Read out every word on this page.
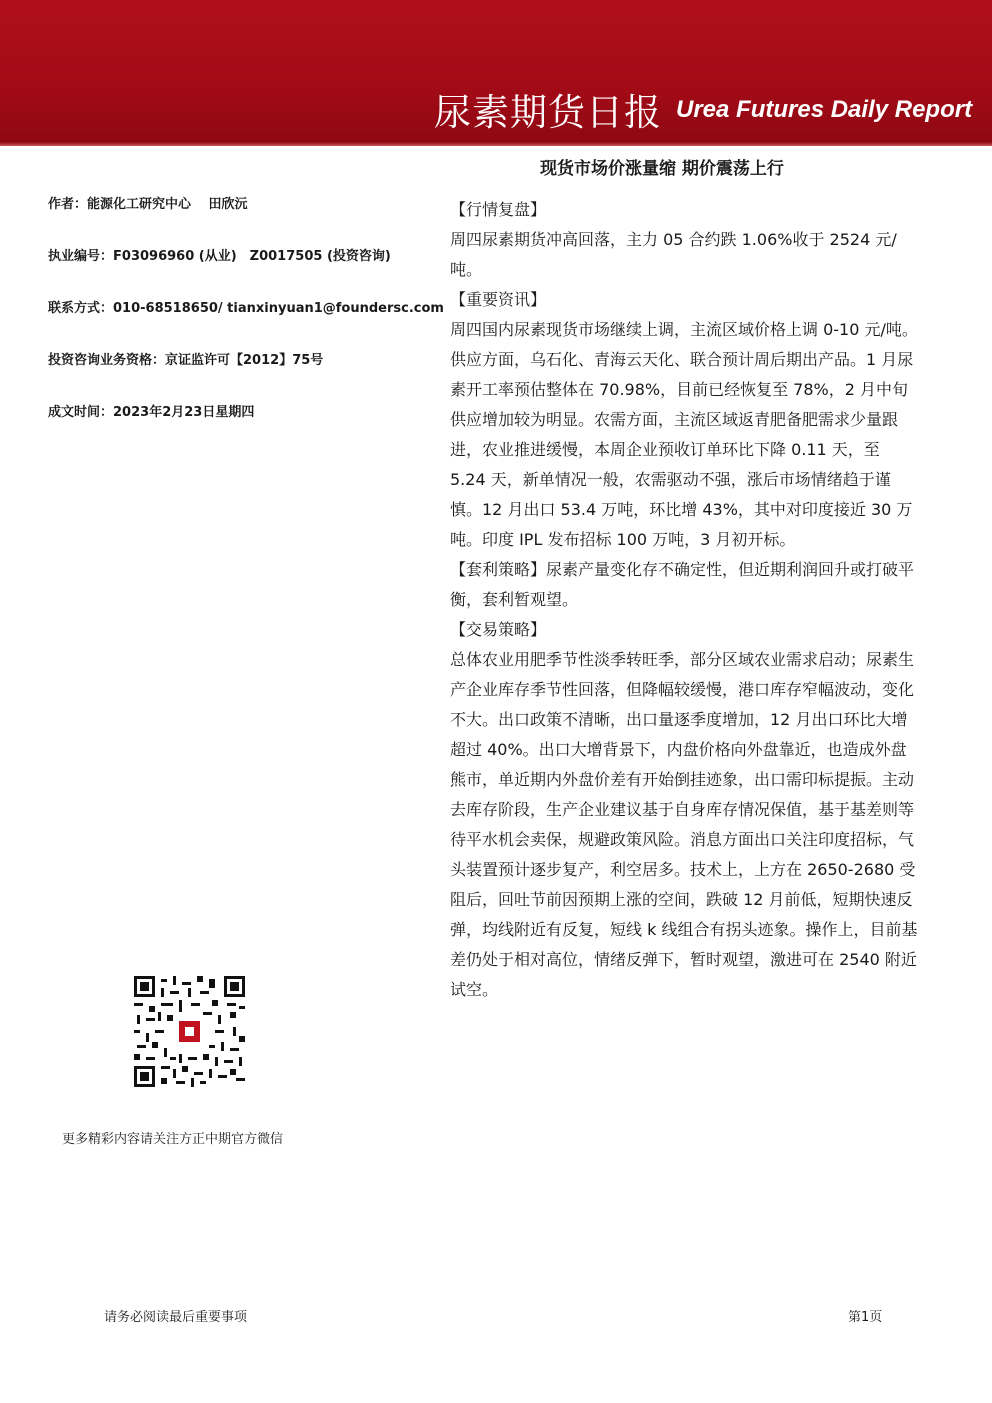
尿素期货日报 Urea Futures Daily Report
现货市场价涨量缩 期价震荡上行
作者：能源化工研究中心　 田欣沅
执业编号：F03096960 (从业)　Z0017505 (投资咨询)
联系方式：010-68518650/ tianxinyuan1@foundersc.com
投资咨询业务资格：京证监许可【2012】75号
成文时间：2023年2月23日星期四
更多精彩内容请关注方正中期官方微信

【行情复盘】

周四尿素期货冲高回落，主力 05 合约跌 1.06%收于 2524 元/吨。

【重要资讯】

周四国内尿素现货市场继续上调，主流区域价格上调 0-10 元/吨。供应方面，乌石化、青海云天化、联合预计周后期出产品。1 月尿素开工率预估整体在 70.98%，目前已经恢复至 78%，2 月中旬供应增加较为明显。农需方面，主流区域返青肥备肥需求少量跟进，农业推进缓慢，本周企业预收订单环比下降 0.11 天，至 5.24 天，新单情况一般，农需驱动不强，涨后市场情绪趋于谨慎。12 月出口 53.4 万吨，环比增 43%，其中对印度接近 30 万吨。印度 IPL 发布招标 100 万吨，3 月初开标。

【套利策略】尿素产量变化存不确定性，但近期利润回升或打破平衡，套利暂观望。

【交易策略】

总体农业用肥季节性淡季转旺季，部分区域农业需求启动；尿素生产企业库存季节性回落，但降幅较缓慢，港口库存窄幅波动，变化不大。出口政策不清晰，出口量逐季度增加，12 月出口环比大增超过 40%。出口大增背景下，内盘价格向外盘靠近，也造成外盘熊市，单近期内外盘价差有开始倒挂迹象，出口需印标提振。主动去库存阶段，生产企业建议基于自身库存情况保值，基于基差则等待平水机会卖保，规避政策风险。消息方面出口关注印度招标，气头装置预计逐步复产，利空居多。技术上，上方在 2650-2680 受阻后，回吐节前因预期上涨的空间，跌破 12 月前低，短期快速反弹，均线附近有反复，短线 k 线组合有拐头迹象。操作上，目前基差仍处于相对高位，情绪反弹下，暂时观望，激进可在 2540 附近试空。

请务必阅读最后重要事项	第1页
